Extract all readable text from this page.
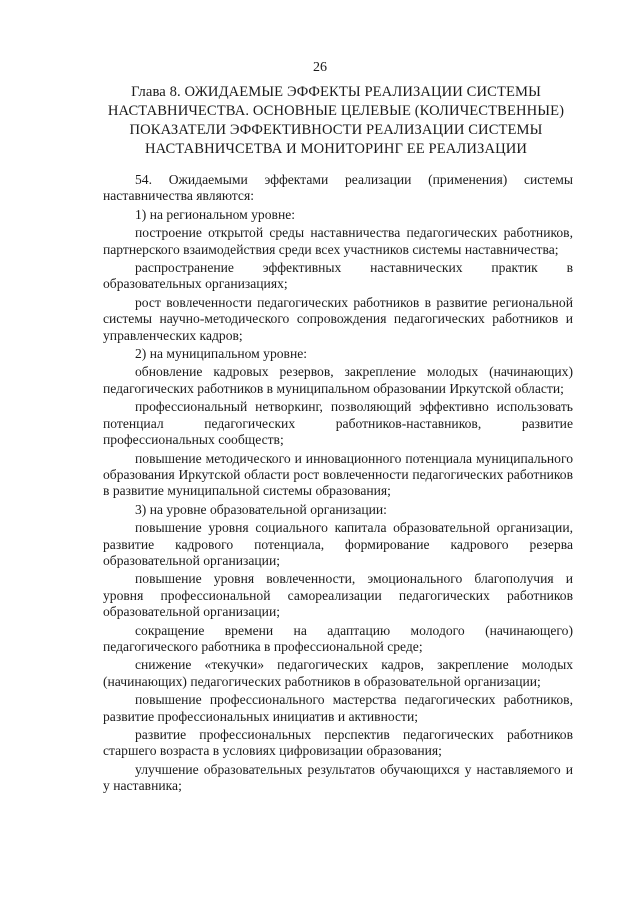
26
Глава 8. ОЖИДАЕМЫЕ ЭФФЕКТЫ РЕАЛИЗАЦИИ СИСТЕМЫ
НАСТАВНИЧЕСТВА. ОСНОВНЫЕ ЦЕЛЕВЫЕ (КОЛИЧЕСТВЕННЫЕ)
ПОКАЗАТЕЛИ ЭФФЕКТИВНОСТИ РЕАЛИЗАЦИИ СИСТЕМЫ
НАСТАВНИЧСЕТВА И МОНИТОРИНГ ЕЕ РЕАЛИЗАЦИИ

54. Ожидаемыми эффектами реализации (применения) системы наставничества являются:

1) на региональном уровне:

построение открытой среды наставничества педагогических работников, партнерского взаимодействия среди всех участников системы наставничества;

распространение эффективных наставнических практик в образовательных организациях;

рост вовлеченности педагогических работников в развитие региональной системы научно-методического сопровождения педагогических работников и управленческих кадров;

2) на муниципальном уровне:

обновление кадровых резервов, закрепление молодых (начинающих) педагогических работников в муниципальном образовании Иркутской области;

профессиональный нетворкинг, позволяющий эффективно использовать потенциал педагогических работников-наставников, развитие профессиональных сообществ;

повышение методического и инновационного потенциала муниципального образования Иркутской области рост вовлеченности педагогических работников в развитие муниципальной системы образования;

3) на уровне образовательной организации:

повышение уровня социального капитала образовательной организации, развитие кадрового потенциала, формирование кадрового резерва образовательной организации;

повышение уровня вовлеченности, эмоционального благополучия и уровня профессиональной самореализации педагогических работников образовательной организации;

сокращение времени на адаптацию молодого (начинающего) педагогического работника в профессиональной среде;

снижение «текучки» педагогических кадров, закрепление молодых (начинающих) педагогических работников в образовательной организации;

повышение профессионального мастерства педагогических работников, развитие профессиональных инициатив и активности;

развитие профессиональных перспектив педагогических работников старшего возраста в условиях цифровизации образования;

улучшение образовательных результатов обучающихся у наставляемого и у наставника;
